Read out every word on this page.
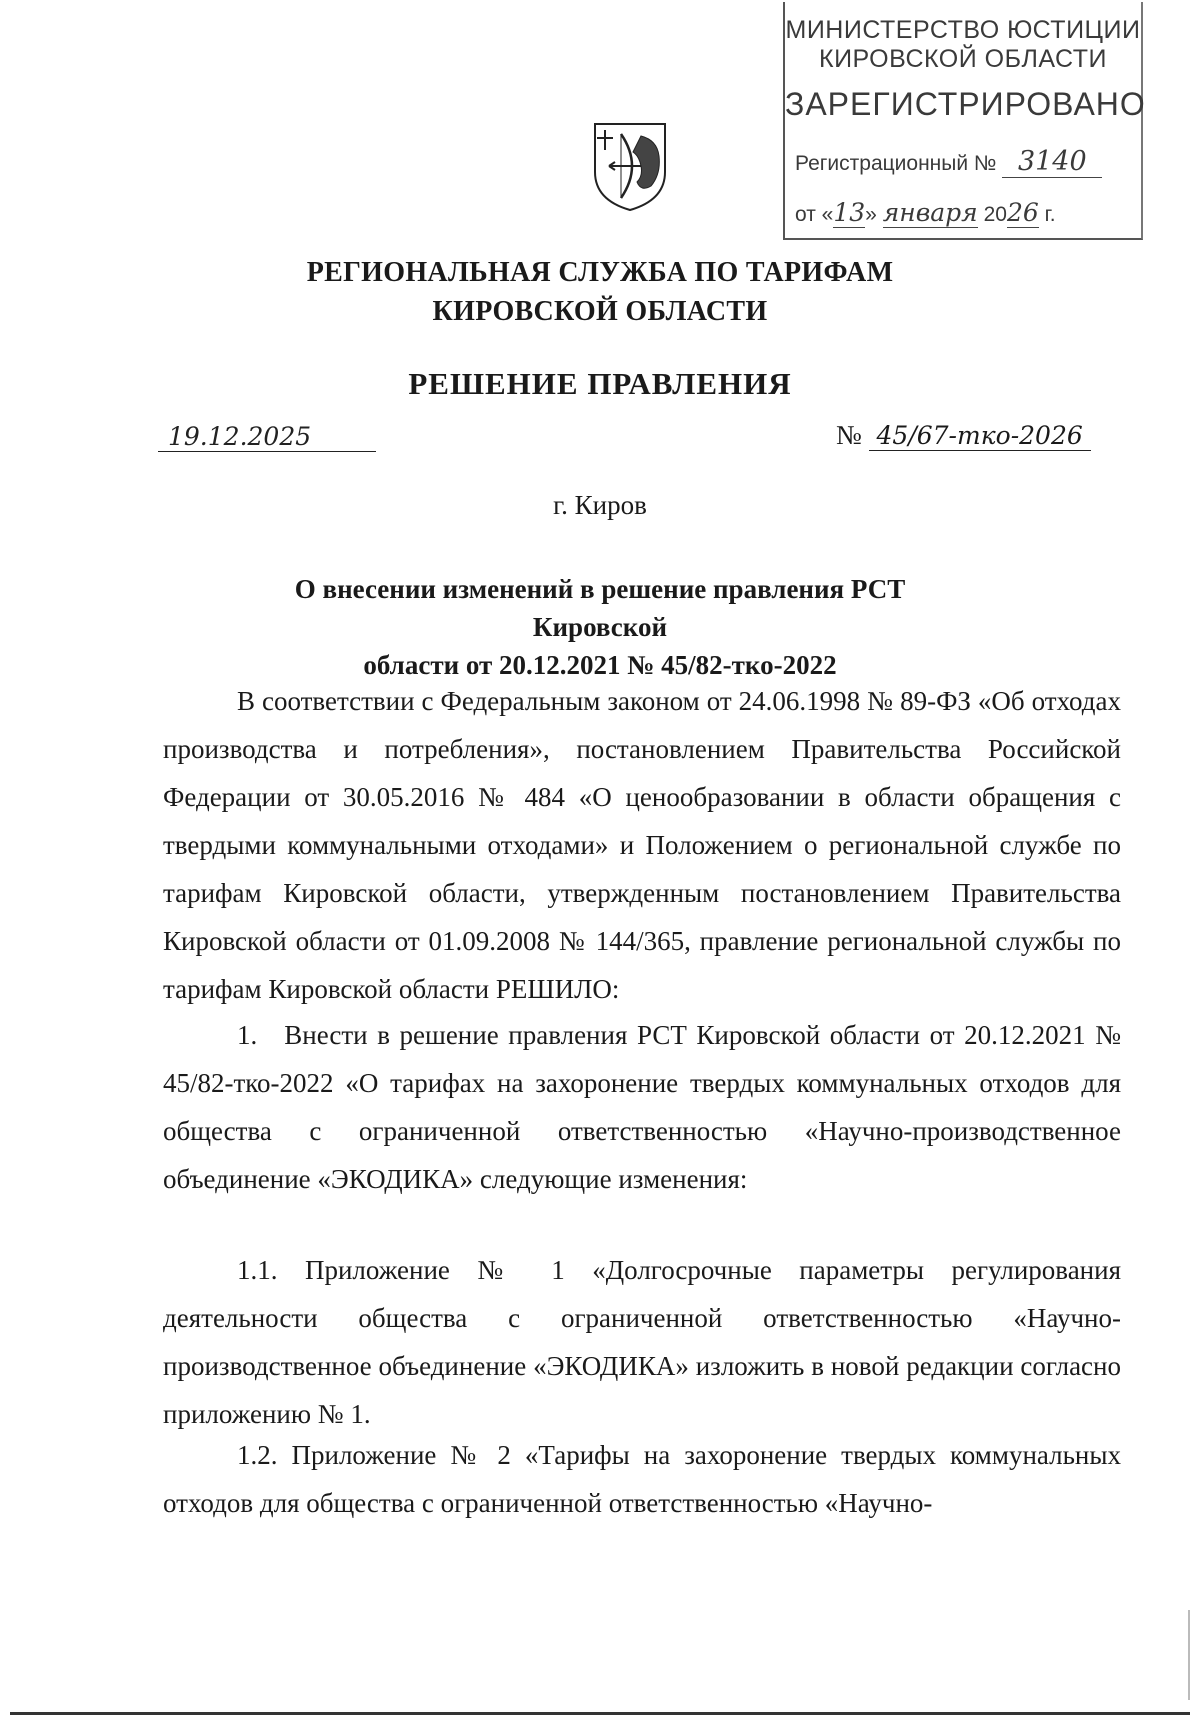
МИНИСТЕРСТВО ЮСТИЦИИ
КИРОВСКОЙ ОБЛАСТИ
ЗАРЕГИСТРИРОВАНО
Регистрационный № 3140
от «13» января 2026 г.
РЕГИОНАЛЬНАЯ СЛУЖБА ПО ТАРИФАМ
КИРОВСКОЙ ОБЛАСТИ
РЕШЕНИЕ ПРАВЛЕНИЯ
19.12.2025	№ 45/67-тко-2026
г. Киров
О внесении изменений в решение правления РСТ Кировской
области от 20.12.2021 № 45/82-тко-2022

В соответствии с Федеральным законом от 24.06.1998 № 89-ФЗ «Об отходах производства и потребления», постановлением Правительства Российской Федерации от 30.05.2016 № 484 «О ценообразовании в области обращения с твердыми коммунальными отходами» и Положением о региональной службе по тарифам Кировской области, утвержденным постановлением Правительства Кировской области от 01.09.2008 № 144/365, правление региональной службы по тарифам Кировской области РЕШИЛО:

1. Внести в решение правления РСТ Кировской области от 20.12.2021 № 45/82-тко-2022 «О тарифах на захоронение твердых коммунальных отходов для общества с ограниченной ответственностью «Научно-производственное объединение «ЭКОДИКА» следующие изменения:

1.1. Приложение № 1 «Долгосрочные параметры регулирования деятельности общества с ограниченной ответственностью «Научно-производственное объединение «ЭКОДИКА» изложить в новой редакции согласно приложению № 1.

1.2. Приложение № 2 «Тарифы на захоронение твердых коммунальных отходов для общества с ограниченной ответственностью «Научно-
